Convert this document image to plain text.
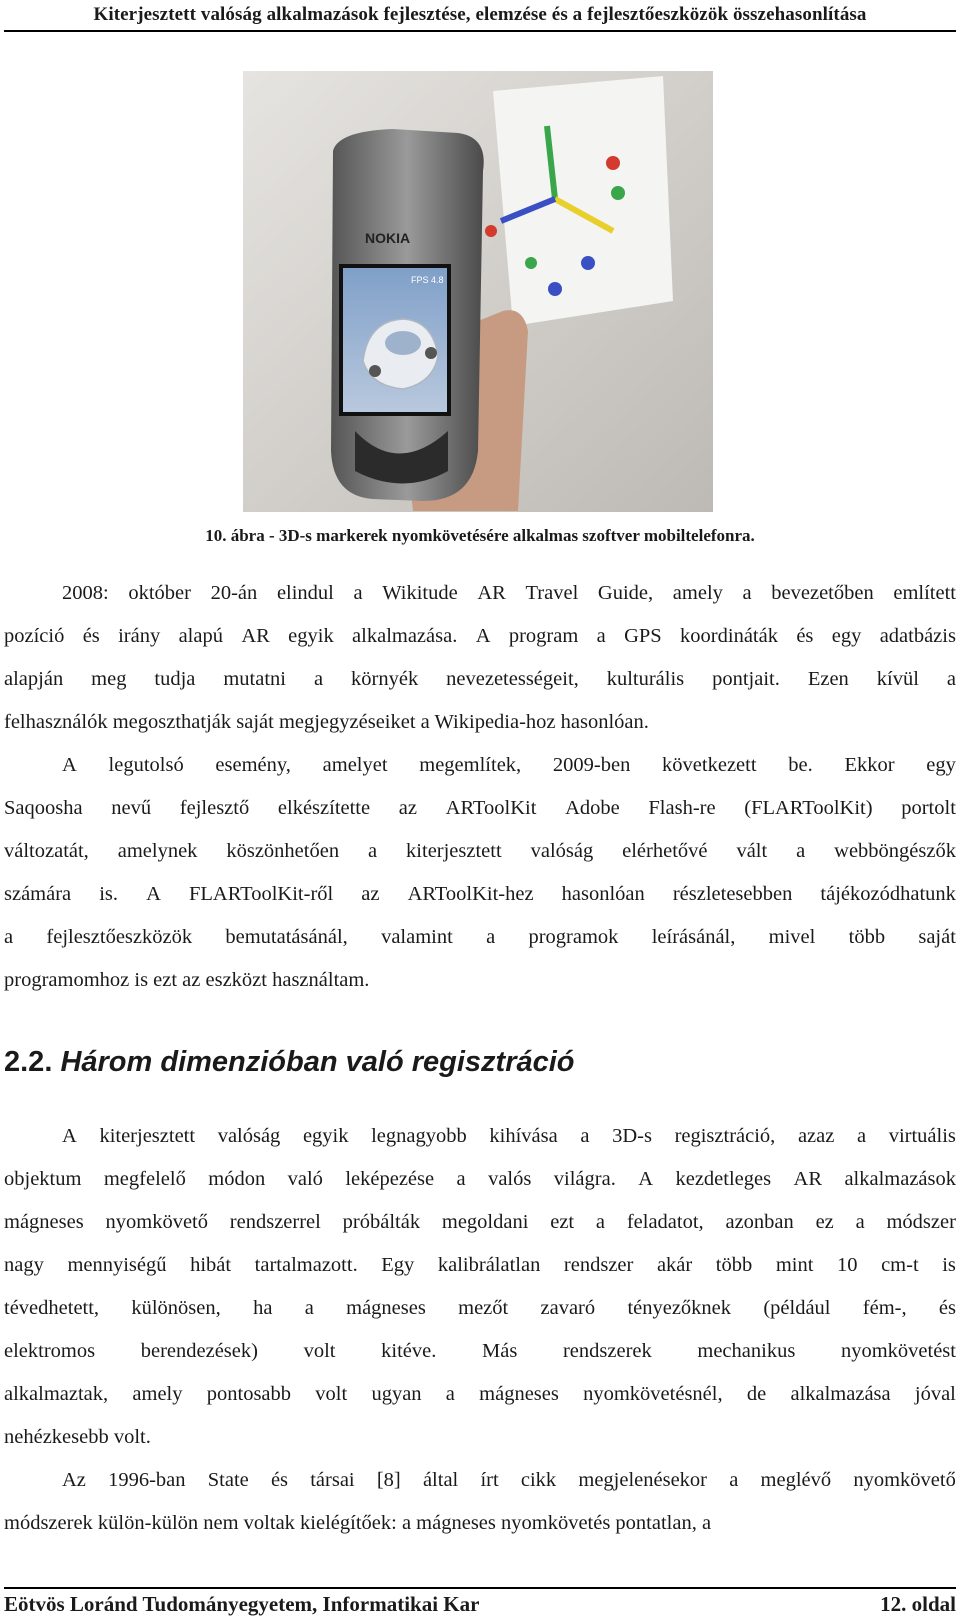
Kiterjesztett valóság alkalmazások fejlesztése, elemzése és a fejlesztőeszközök összehasonlítása
NOKIA
FPS 4.8
10. ábra - 3D-s markerek nyomkövetésére alkalmas szoftver mobiltelefonra.
2008: október 20-án elindul a Wikitude AR Travel Guide, amely a bevezetőben említett
pozíció és irány alapú AR egyik alkalmazása. A program a GPS koordináták és egy adatbázis
alapján meg tudja mutatni a környék nevezetességeit, kulturális pontjait. Ezen kívül a
felhasználók megoszthatják saját megjegyzéseiket a Wikipedia-hoz hasonlóan.
A legutolsó esemény, amelyet megemlítek, 2009-ben következett be. Ekkor egy
Saqoosha nevű fejlesztő elkészítette az ARToolKit Adobe Flash-re (FLARToolKit) portolt
változatát, amelynek köszönhetően a kiterjesztett valóság elérhetővé vált a webböngészők
számára is. A FLARToolKit-ről az ARToolKit-hez hasonlóan részletesebben tájékozódhatunk
a fejlesztőeszközök bemutatásánál, valamint a programok leírásánál, mivel több saját
programomhoz is ezt az eszközt használtam.
2.2. Három dimenzióban való regisztráció
A kiterjesztett valóság egyik legnagyobb kihívása a 3D-s regisztráció, azaz a virtuális
objektum megfelelő módon való leképezése a valós világra. A kezdetleges AR alkalmazások
mágneses nyomkövető rendszerrel próbálták megoldani ezt a feladatot, azonban ez a módszer
nagy mennyiségű hibát tartalmazott. Egy kalibrálatlan rendszer akár több mint 10 cm-t is
tévedhetett, különösen, ha a mágneses mezőt zavaró tényezőknek (például fém-, és
elektromos berendezések) volt kitéve. Más rendszerek mechanikus nyomkövetést
alkalmaztak, amely pontosabb volt ugyan a mágneses nyomkövetésnél, de alkalmazása jóval
nehézkesebb volt.
Az 1996-ban State és társai [8] által írt cikk megjelenésekor a meglévő nyomkövető
módszerek külön-külön nem voltak kielégítőek: a mágneses nyomkövetés pontatlan, a
Eötvös Loránd Tudományegyetem, Informatikai Kar	12. oldal
